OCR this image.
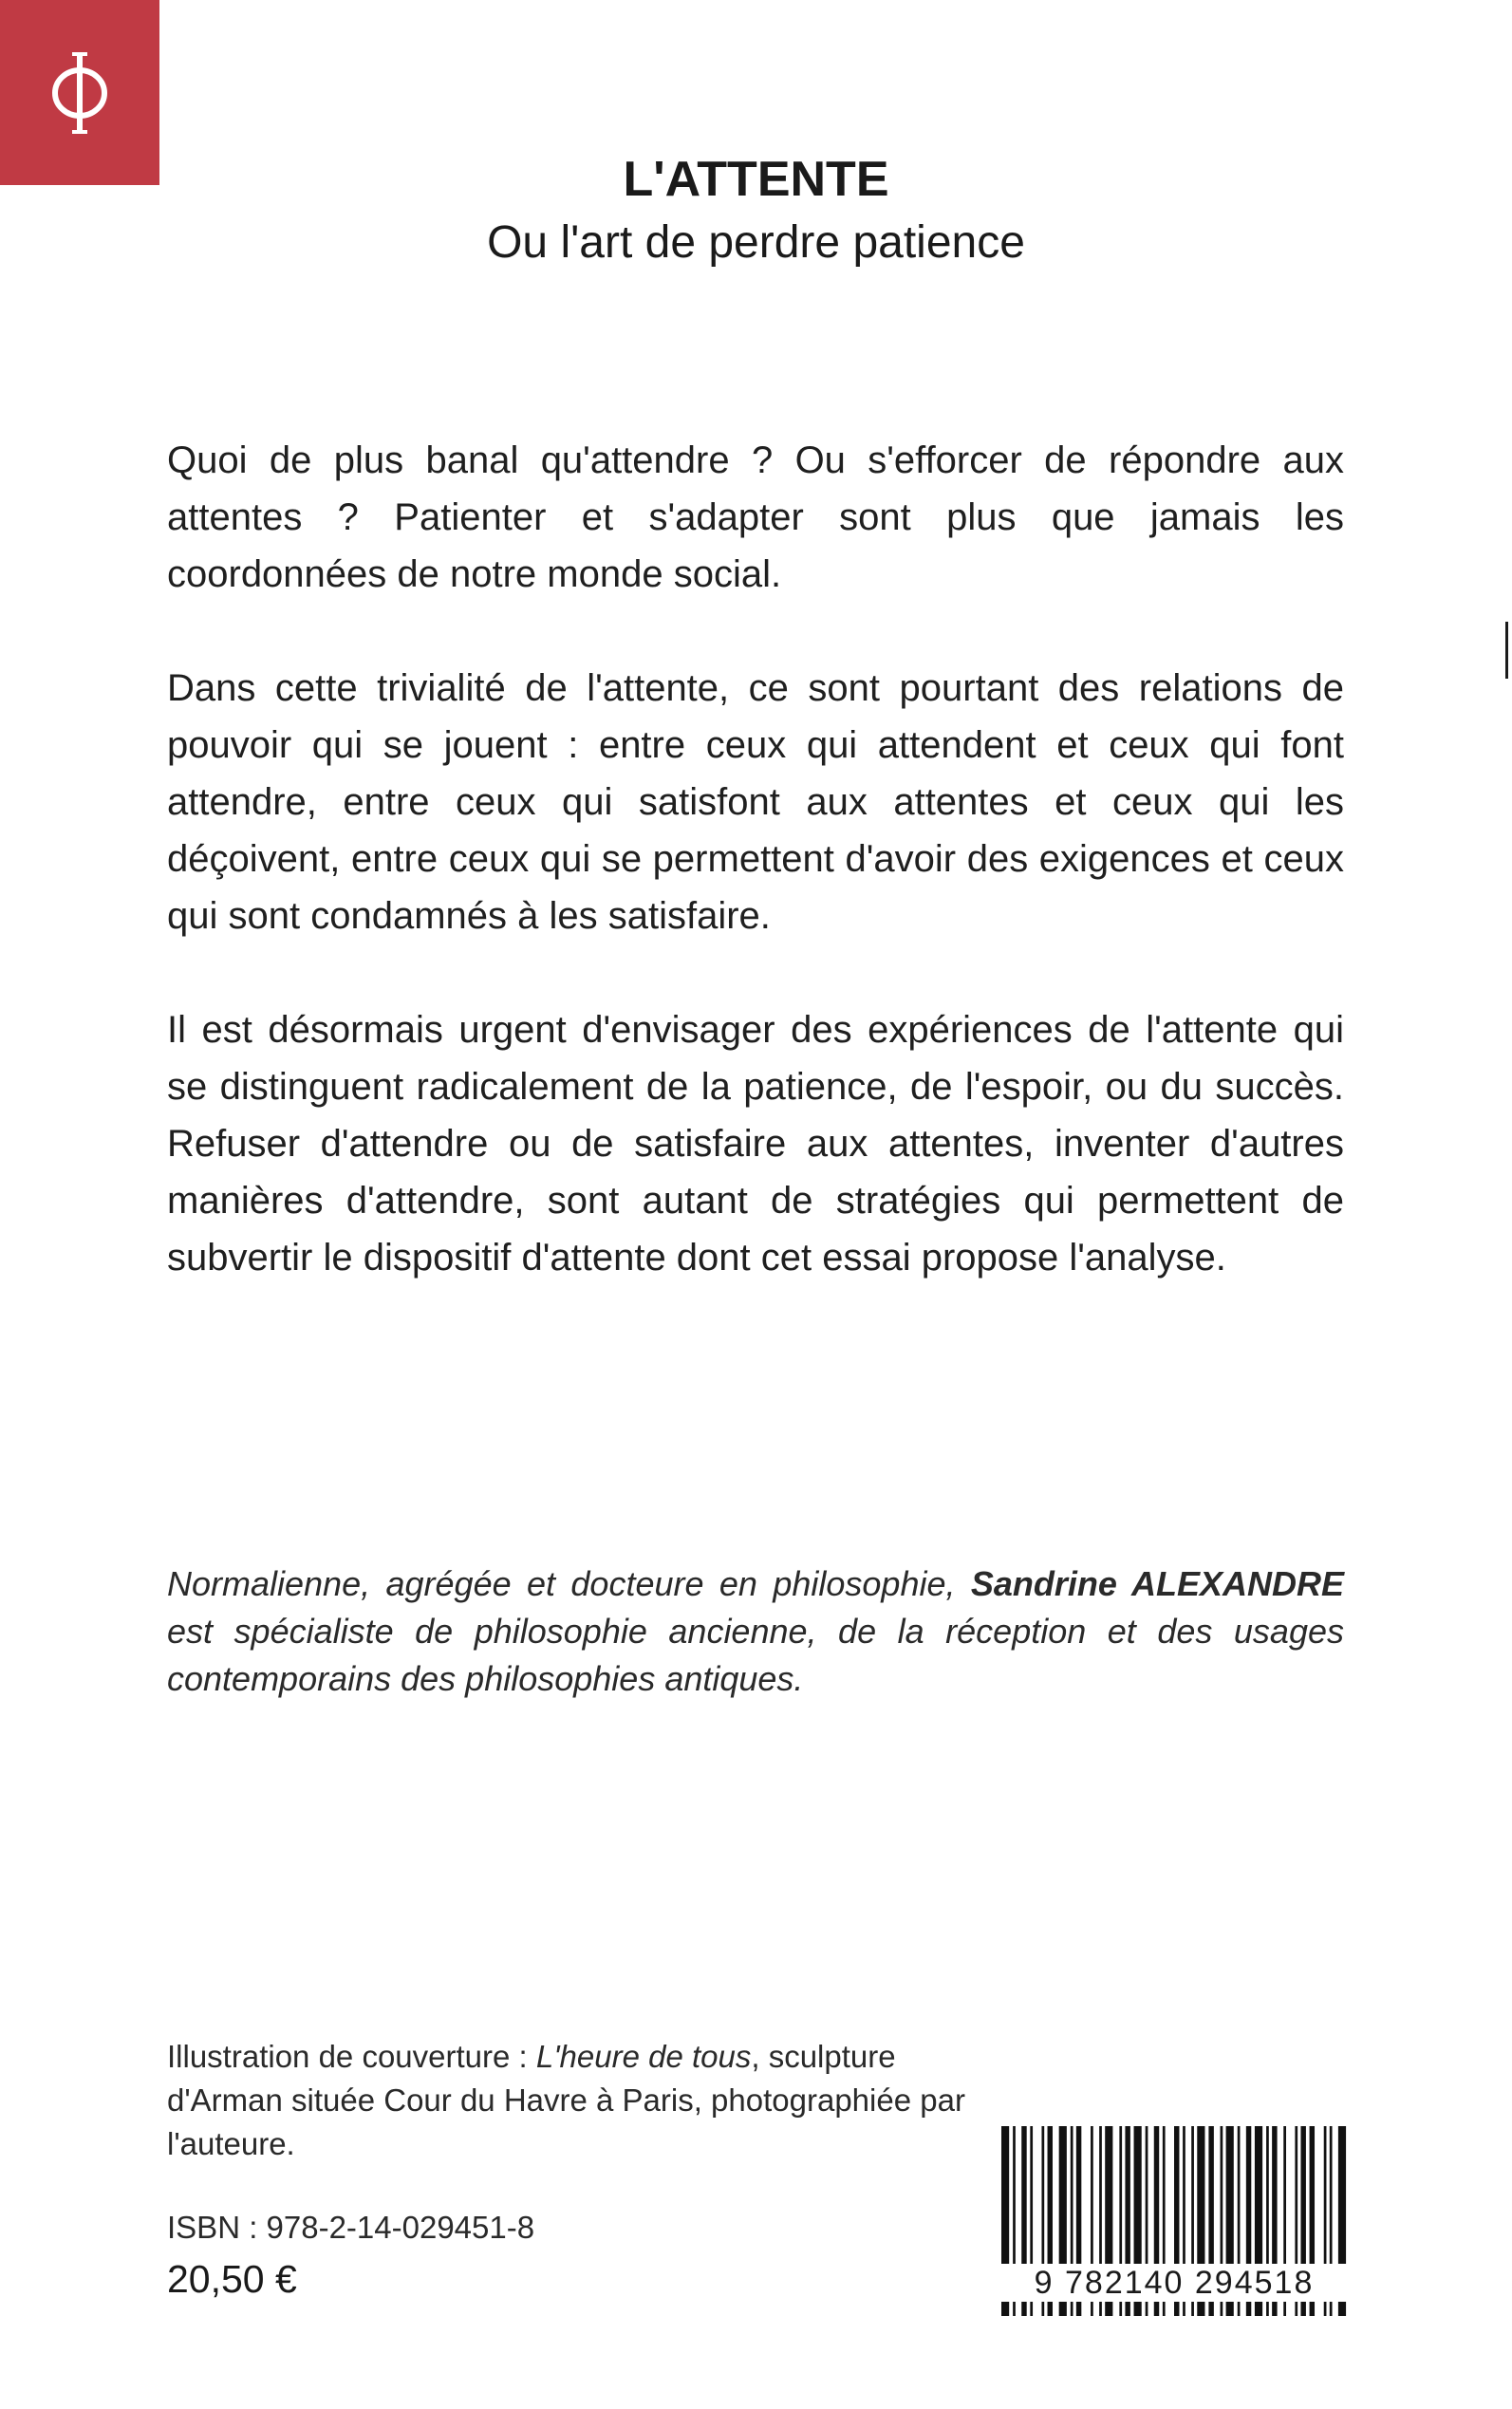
L'ATTENTE
Ou l'art de perdre patience

Quoi de plus banal qu'attendre ? Ou s'efforcer de répondre aux attentes ? Patienter et s'adapter sont plus que jamais les coordonnées de notre monde social.

Dans cette trivialité de l'attente, ce sont pourtant des relations de pouvoir qui se jouent : entre ceux qui attendent et ceux qui font attendre, entre ceux qui satisfont aux attentes et ceux qui les déçoivent, entre ceux qui se permettent d'avoir des exigences et ceux qui sont condamnés à les satisfaire.

Il est désormais urgent d'envisager des expériences de l'attente qui se distinguent radicalement de la patience, de l'espoir, ou du succès. Refuser d'attendre ou de satisfaire aux attentes, inventer d'autres manières d'attendre, sont autant de stratégies qui permettent de subvertir le dispositif d'attente dont cet essai propose l'analyse.

Normalienne, agrégée et docteure en philosophie, Sandrine ALEXANDRE est spécialiste de philosophie ancienne, de la réception et des usages contemporains des philosophies antiques.
Illustration de couverture : L'heure de tous, sculpture d'Arman située Cour du Havre à Paris, photographiée par l'auteure.
ISBN : 978-2-14-029451-8
20,50 €	9 782140 294518
